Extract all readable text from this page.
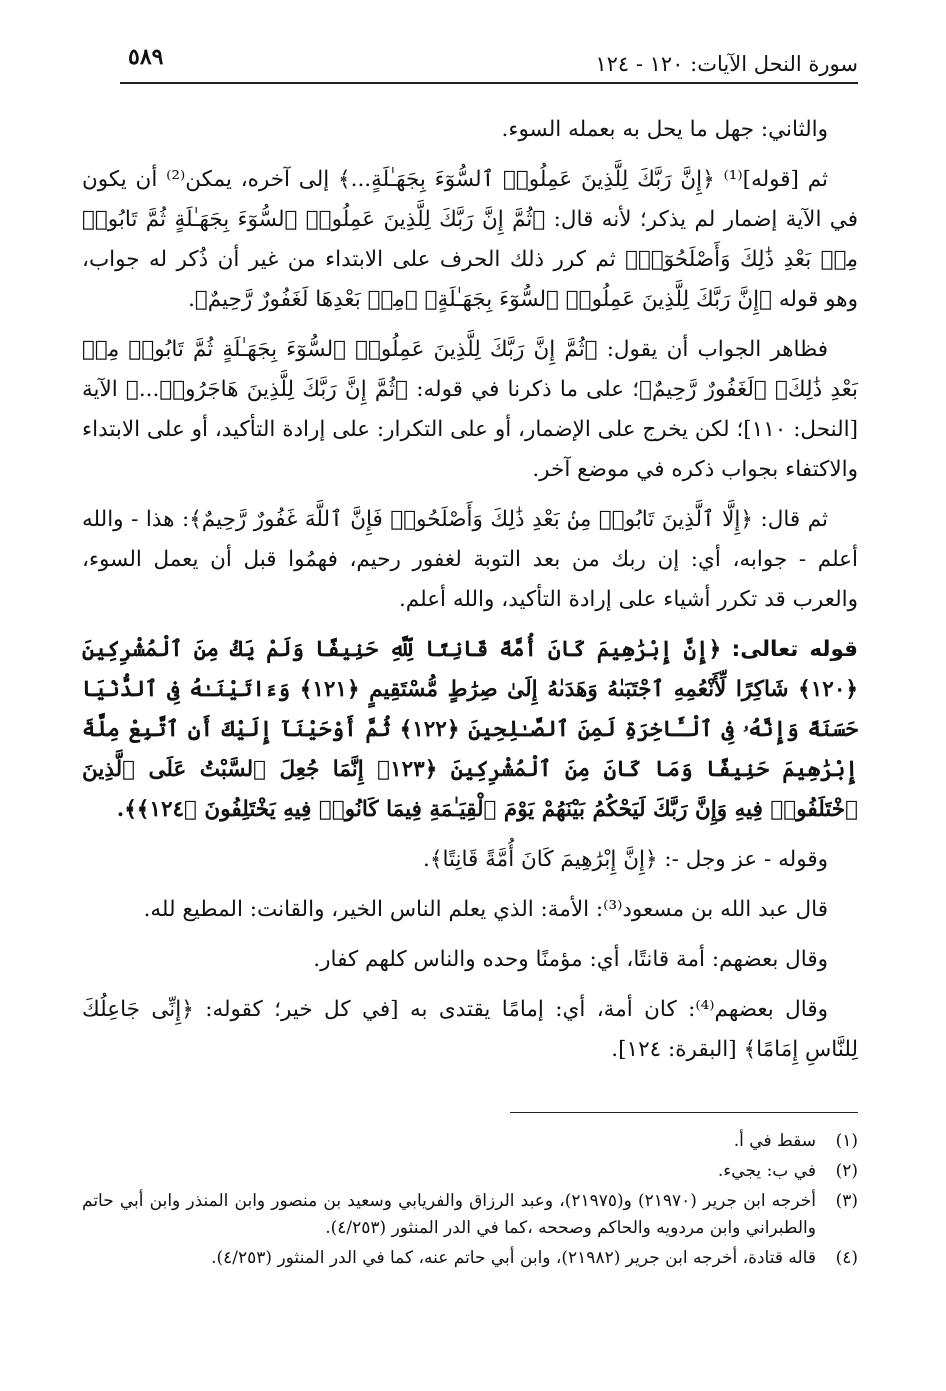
٥٨٩	سورة النحل الآيات: ١٢٠ - ١٢٤

والثاني: جهل ما يحل به بعمله السوء.

ثم [قوله]⁽¹⁾ ﴿إِنَّ رَبَّكَ لِلَّذِينَ عَمِلُوا۟ ٱلسُّوٓءَ بِجَهَـٰلَةٍ...﴾ إلى آخره، يمكن⁽²⁾ أن يكون في الآية إضمار لم يذكر؛ لأنه قال: ﴿ثُمَّ إِنَّ رَبَّكَ لِلَّذِينَ عَمِلُوا۟ ٱلسُّوٓءَ بِجَهَـٰلَةٍ ثُمَّ تَابُوا۟ مِنۢ بَعْدِ ذَٰلِكَ وَأَصْلَحُوٓا۟﴾ ثم كرر ذلك الحرف على الابتداء من غير أن ذُكر له جواب، وهو قوله ﴿إِنَّ رَبَّكَ لِلَّذِينَ عَمِلُوا۟ ٱلسُّوٓءَ بِجَهَـٰلَةٍ﴾ ﴿مِنۢ بَعْدِهَا لَغَفُورٌ رَّحِيمٌ﴾.

فظاهر الجواب أن يقول: ﴿ثُمَّ إِنَّ رَبَّكَ لِلَّذِينَ عَمِلُوا۟ ٱلسُّوٓءَ بِجَهَـٰلَةٍ ثُمَّ تَابُوا۟ مِنۢ بَعْدِ ذَٰلِكَ﴾ ﴿لَغَفُورٌ رَّحِيمٌ﴾؛ على ما ذكرنا في قوله: ﴿ثُمَّ إِنَّ رَبَّكَ لِلَّذِينَ هَاجَرُوا۟...﴾ الآية [النحل: ١١٠]؛ لكن يخرج على الإضمار، أو على التكرار: على إرادة التأكيد، أو على الابتداء والاكتفاء بجواب ذكره في موضع آخر.

ثم قال: ﴿إِلَّا ٱلَّذِينَ تَابُوا۟ مِنۢ بَعْدِ ذَٰلِكَ وَأَصْلَحُوا۟ فَإِنَّ ٱللَّهَ غَفُورٌ رَّحِيمٌ﴾: هذا - والله أعلم - جوابه، أي: إن ربك من بعد التوبة لغفور رحيم، فهمُوا قبل أن يعمل السوء، والعرب قد تكرر أشياء على إرادة التأكيد، والله أعلم.

قوله تعالى: ﴿إِنَّ إِبْرَٰهِيمَ كَانَ أُمَّةً قَانِتًا لِّلَّهِ حَنِيفًا وَلَمْ يَكُ مِنَ ٱلْمُشْرِكِينَ ﴿١٢٠﴾ شَاكِرًا لِّأَنْعُمِهِ ٱجْتَبَىٰهُ وَهَدَىٰهُ إِلَىٰ صِرَٰطٍ مُّسْتَقِيمٍ ﴿١٢١﴾ وَءَاتَيْنَـٰهُ فِى ٱلدُّنْيَا حَسَنَةً وَإِنَّهُۥ فِى ٱلْـَٔاخِرَةِ لَمِنَ ٱلصَّـٰلِحِينَ ﴿١٢٢﴾ ثُمَّ أَوْحَيْنَآ إِلَيْكَ أَنِ ٱتَّبِعْ مِلَّةَ إِبْرَٰهِيمَ حَنِيفًا وَمَا كَانَ مِنَ ٱلْمُشْرِكِينَ ﴿١٢٣﴾ إِنَّمَا جُعِلَ ٱلسَّبْتُ عَلَى ٱلَّذِينَ ٱخْتَلَفُوا۟ فِيهِ وَإِنَّ رَبَّكَ لَيَحْكُمُ بَيْنَهُمْ يَوْمَ ٱلْقِيَـٰمَةِ فِيمَا كَانُوا۟ فِيهِ يَخْتَلِفُونَ ﴿١٢٤﴾﴾.

وقوله - عز وجل -: ﴿إِنَّ إِبْرَٰهِيمَ كَانَ أُمَّةً قَانِتًا﴾.

قال عبد الله بن مسعود⁽³⁾: الأمة: الذي يعلم الناس الخير، والقانت: المطيع لله.

وقال بعضهم: أمة قانتًا، أي: مؤمنًا وحده والناس كلهم كفار.

وقال بعضهم⁽⁴⁾: كان أمة، أي: إمامًا يقتدى به [في كل خير؛ كقوله: ﴿إِنِّى جَاعِلُكَ لِلنَّاسِ إِمَامًا﴾ [البقرة: ١٢٤].

(١)
سقط في أ.
(٢)
في ب: يجيء.
(٣)
أخرجه ابن جرير (٢١٩٧٠) و(٢١٩٧٥)، وعبد الرزاق والفريابي وسعيد بن منصور وابن المنذر وابن أبي حاتم والطبراني وابن مردويه والحاكم وصححه ،كما في الدر المنثور (٤/٢٥٣).
(٤)
قاله قتادة، أخرجه ابن جرير (٢١٩٨٢)، وابن أبي حاتم عنه، كما في الدر المنثور (٤/٢٥٣).
